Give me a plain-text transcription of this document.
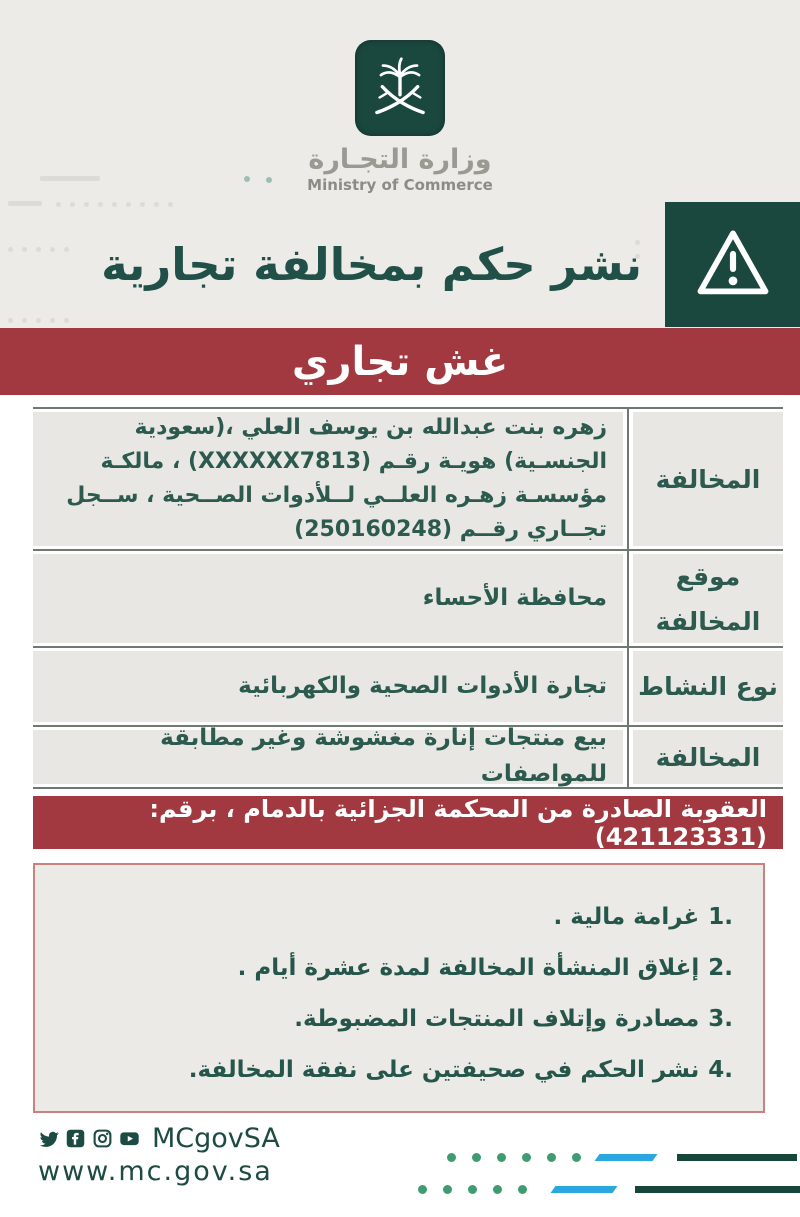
وزارة التجـارة
Ministry of Commerce
نشر حكم بمخالفة تجارية
غش تجاري
المخالفة
زهره بنت عبدالله بن يوسف العلي ،(سعودية الجنسـية) هويـة رقـم (XXXXXX7813) ، مالكـة مؤسسـة زهـره العلــي لــلأدوات الصــحية ، ســجل تجــاري رقــم (250160248)
موقع المخالفة
محافظة الأحساء
نوع النشاط
تجارة الأدوات الصحية والكهربائية
المخالفة
بيع منتجات إنارة مغشوشة وغير مطابقة للمواصفات
العقوبة الصادرة من المحكمة الجزائية بالدمام ، برقم: (421123331)
1.
غرامة مالية .
2.
إغلاق المنشأة المخالفة لمدة عشرة أيام .
3.
مصادرة وإتلاف المنتجات المضبوطة.
4.
نشر الحكم في صحيفتين على نفقة المخالفة.
MCgovSA
www.mc.gov.sa
